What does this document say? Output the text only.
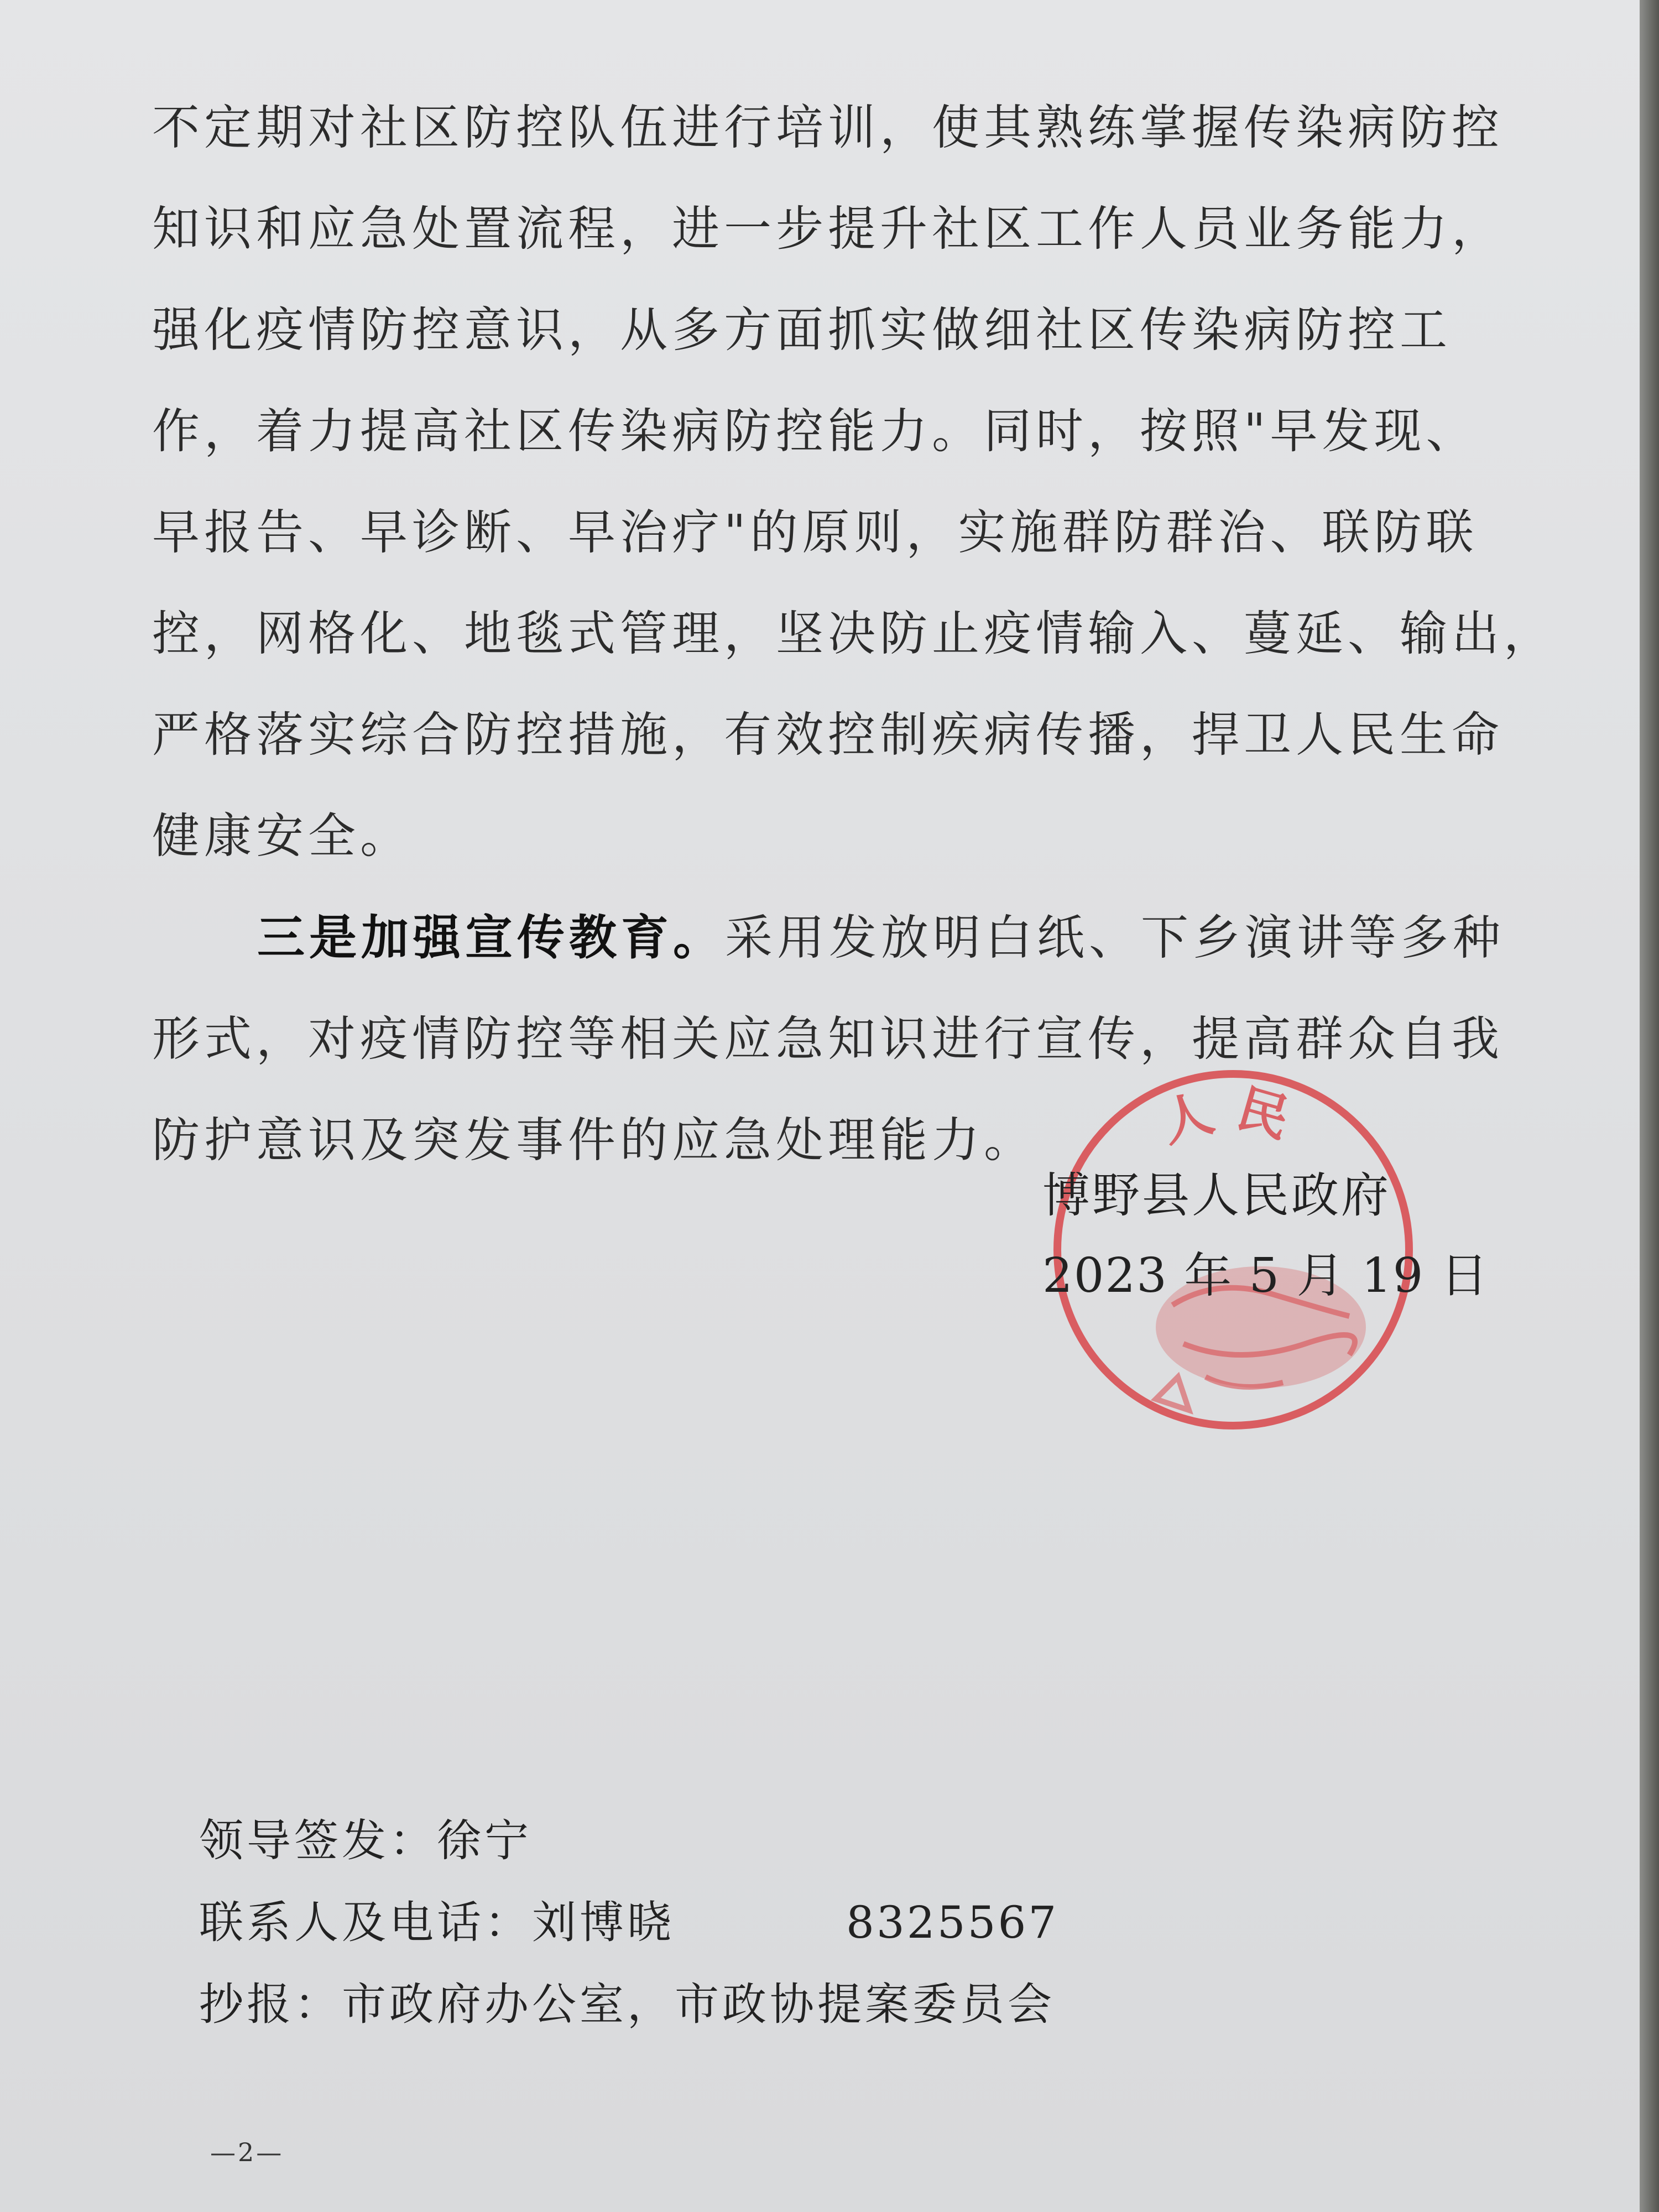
不定期对社区防控队伍进行培训，使其熟练掌握传染病防控
知识和应急处置流程，进一步提升社区工作人员业务能力，
强化疫情防控意识，从多方面抓实做细社区传染病防控工
作，着力提高社区传染病防控能力。同时，按照"早发现、
早报告、早诊断、早治疗"的原则，实施群防群治、联防联
控，网格化、地毯式管理，坚决防止疫情输入、蔓延、输出，
严格落实综合防控措施，有效控制疾病传播，捍卫人民生命
健康安全。

三是加强宣传教育。采用发放明白纸、下乡演讲等多种
形式，对疫情防控等相关应急知识进行宣传，提高群众自我
防护意识及突发事件的应急处理能力。	人民
博野县人民政府
2023 年 5 月 19 日
领导签发：徐宁
联系人及电话：刘博晓	8325567
抄报：市政府办公室，市政协提案委员会
—2—
